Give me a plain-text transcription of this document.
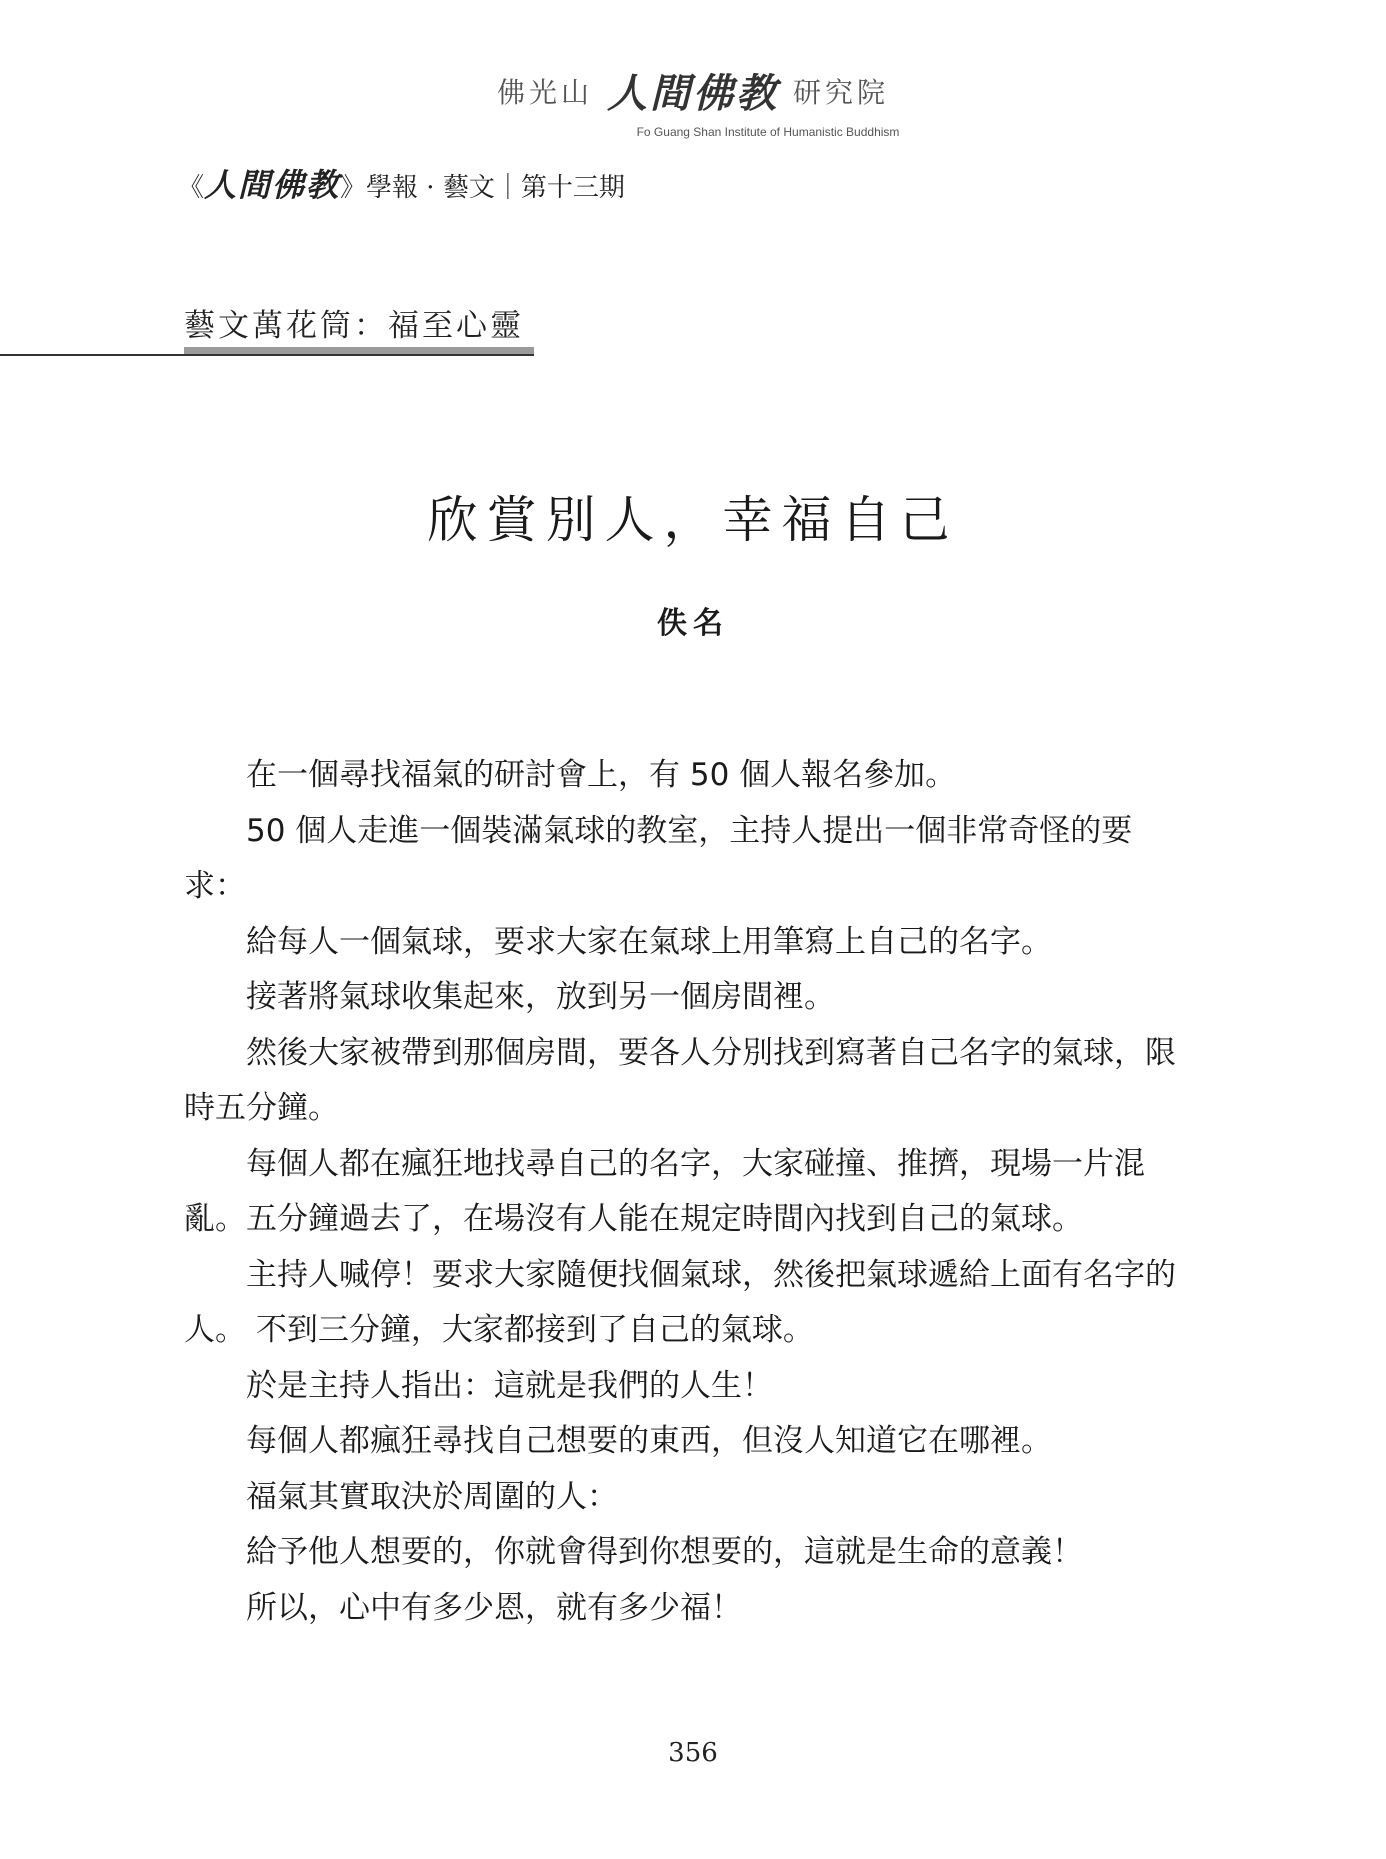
佛光山 人間佛教 研究院
Fo Guang Shan Institute of Humanistic Buddhism
《人間佛教》學報 · 藝文｜第十三期
藝文萬花筒：福至心靈
欣賞別人，幸福自己
佚名

在一個尋找福氣的研討會上，有 50 個人報名參加。

50 個人走進一個裝滿氣球的教室，主持人提出一個非常奇怪的要求：

給每人一個氣球，要求大家在氣球上用筆寫上自己的名字。

接著將氣球收集起來，放到另一個房間裡。

然後大家被帶到那個房間，要各人分別找到寫著自己名字的氣球，限時五分鐘。

每個人都在瘋狂地找尋自己的名字，大家碰撞、推擠，現場一片混亂。五分鐘過去了，在場沒有人能在規定時間內找到自己的氣球。

主持人喊停！要求大家隨便找個氣球，然後把氣球遞給上面有名字的人。 不到三分鐘，大家都接到了自己的氣球。

於是主持人指出：這就是我們的人生！

每個人都瘋狂尋找自己想要的東西，但沒人知道它在哪裡。

福氣其實取決於周圍的人：

給予他人想要的，你就會得到你想要的，這就是生命的意義！

所以，心中有多少恩，就有多少福！

356
